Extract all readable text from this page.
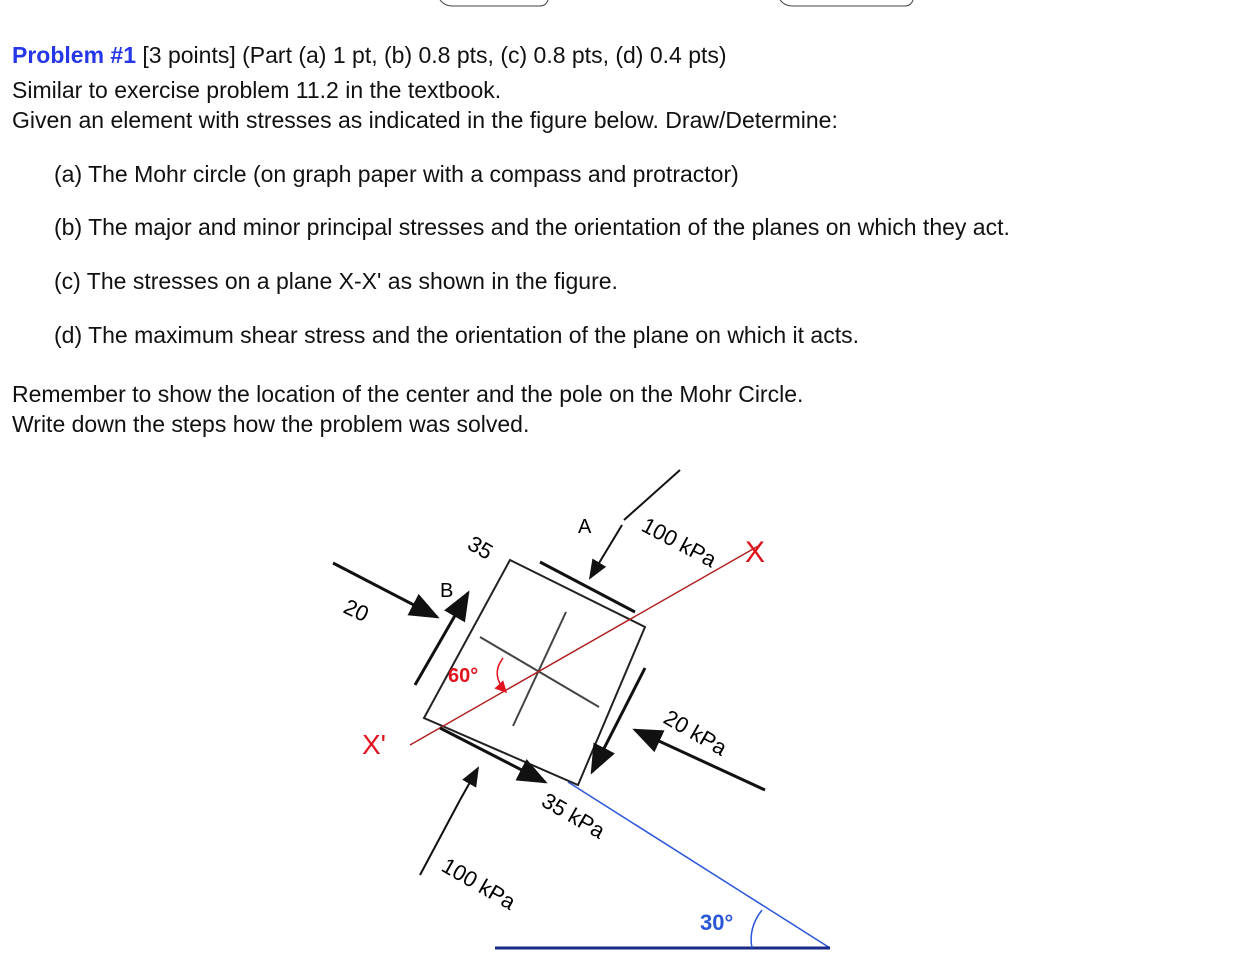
Problem #1 [3 points] (Part (a) 1 pt, (b) 0.8 pts, (c) 0.8 pts, (d) 0.4 pts)
Similar to exercise problem 11.2 in the textbook.
Given an element with stresses as indicated in the figure below. Draw/Determine:
(a) The Mohr circle (on graph paper with a compass and protractor)
(b) The major and minor principal stresses and the orientation of the planes on which they act.
(c) The stresses on a plane X-X' as shown in the figure.
(d) The maximum shear stress and the orientation of the plane on which it acts.
Remember to show the location of the center and the pole on the Mohr Circle.
Write down the steps how the problem was solved.
A
B
35
20
100 kPa X
X'
60°
20 kPa
35 kPa
100 kPa
30°
